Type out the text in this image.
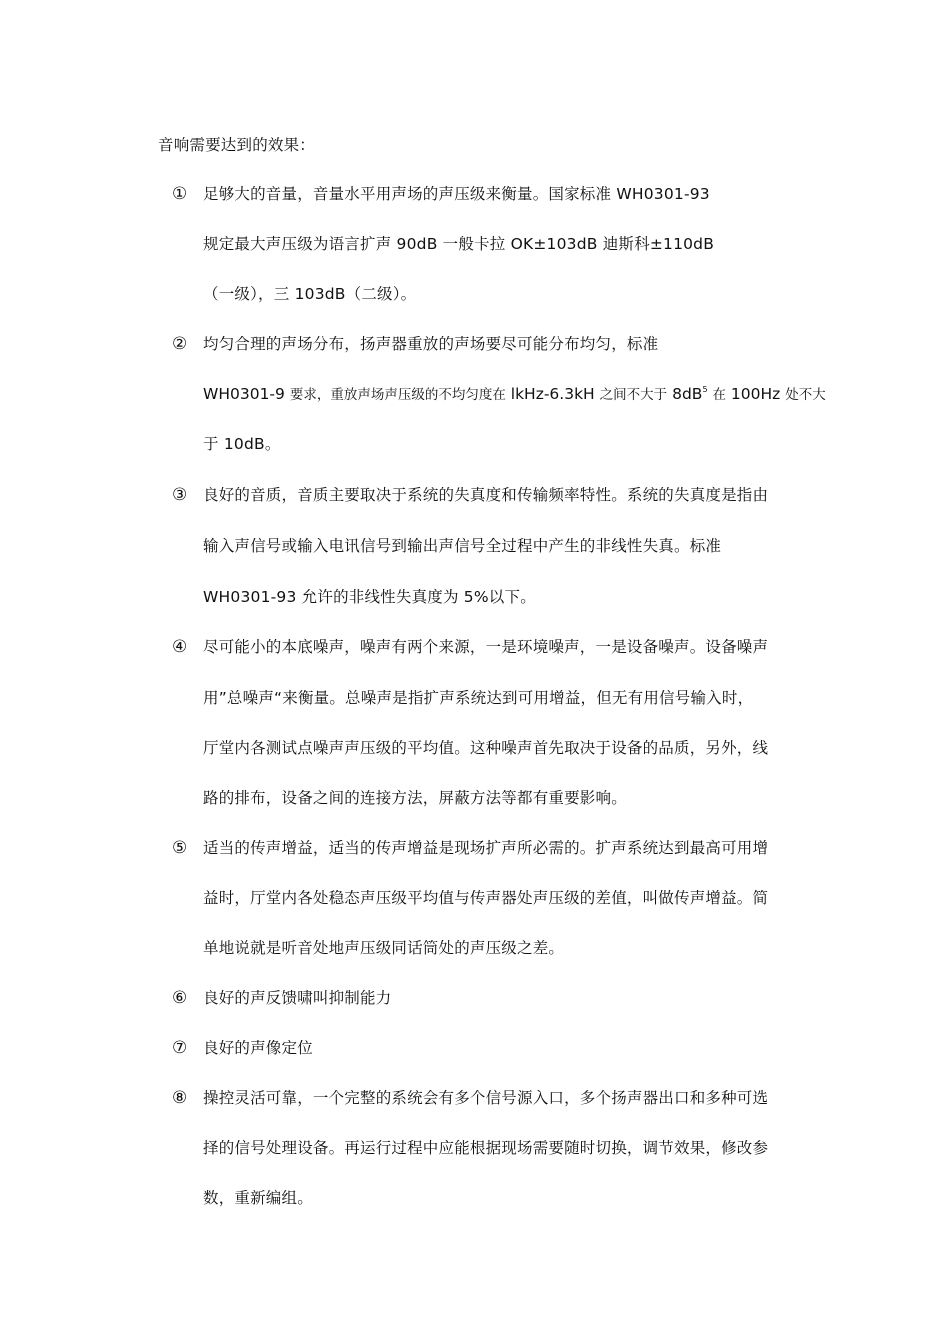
音响需要达到的效果：
① 足够大的音量，音量水平用声场的声压级来衡量。国家标准 WH0301-93
规定最大声压级为语言扩声 90dB 一般卡拉 OK±103dB 迪斯科±110dB
（一级），三 103dB（二级）。
② 均匀合理的声场分布，扬声器重放的声场要尽可能分布均匀，标准
WH0301-9 要求，重放声场声压级的不均匀度在 lkHz-6.3kH 之间不大于 $8dB^5$ 在 100Hz 处不大
于 10dB。
③ 良好的音质，音质主要取决于系统的失真度和传输频率特性。系统的失真度是指由
输入声信号或输入电讯信号到输出声信号全过程中产生的非线性失真。标准
WH0301-93 允许的非线性失真度为 5%以下。
④ 尽可能小的本底噪声，噪声有两个来源，一是环境噪声，一是设备噪声。设备噪声
用”总噪声“来衡量。总噪声是指扩声系统达到可用增益，但无有用信号输入时，
厅堂内各测试点噪声声压级的平均值。这种噪声首先取决于设备的品质，另外，线
路的排布，设备之间的连接方法，屏蔽方法等都有重要影响。
⑤ 适当的传声增益，适当的传声增益是现场扩声所必需的。扩声系统达到最高可用增
益时，厅堂内各处稳态声压级平均值与传声器处声压级的差值，叫做传声增益。简
单地说就是听音处地声压级同话筒处的声压级之差。
⑥ 良好的声反馈啸叫抑制能力
⑦ 良好的声像定位
⑧ 操控灵活可靠，一个完整的系统会有多个信号源入口，多个扬声器出口和多种可选
择的信号处理设备。再运行过程中应能根据现场需要随时切换，调节效果，修改参
数，重新编组。
